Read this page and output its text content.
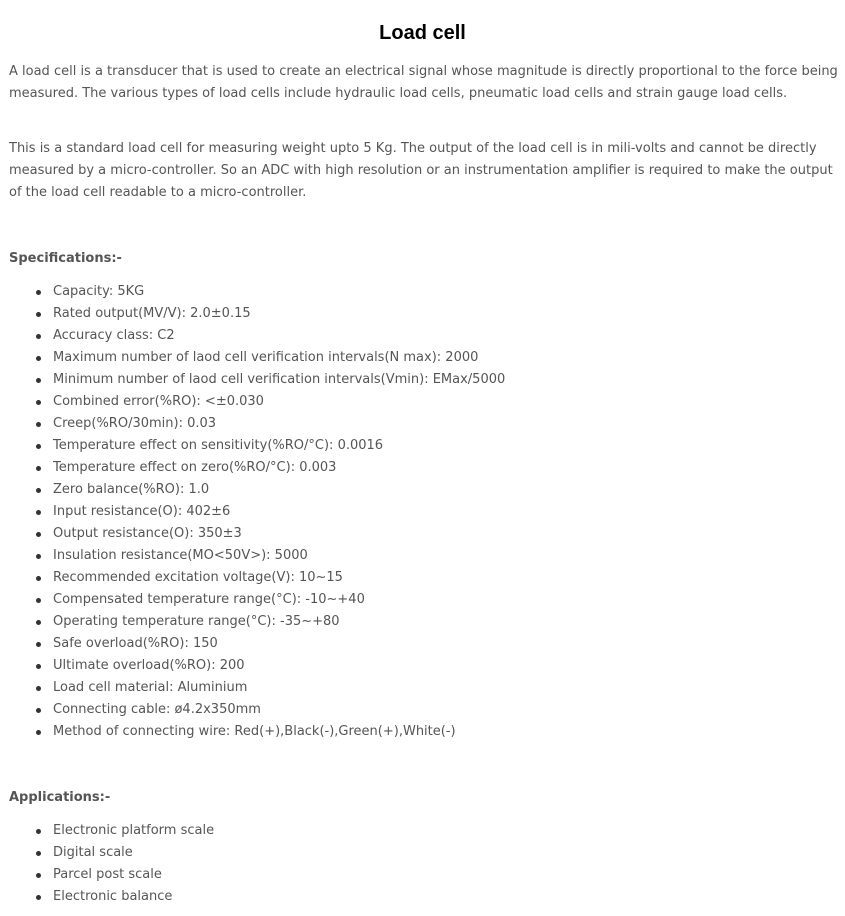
Load cell

A load cell is a transducer that is used to create an electrical signal whose magnitude is directly proportional to the force being measured. The various types of load cells include hydraulic load cells, pneumatic load cells and strain gauge load cells.

This is a standard load cell for measuring weight upto 5 Kg. The output of the load cell is in mili-volts and cannot be directly measured by a micro-controller. So an ADC with high resolution or an instrumentation amplifier is required to make the output of the load cell readable to a micro-controller.

Specifications:-
Capacity: 5KG
Rated output(MV/V): 2.0±0.15
Accuracy class: C2
Maximum number of laod cell verification intervals(N max): 2000
Minimum number of laod cell verification intervals(Vmin): EMax/5000
Combined error(%RO): <±0.030
Creep(%RO/30min): 0.03
Temperature effect on sensitivity(%RO/°C): 0.0016
Temperature effect on zero(%RO/°C): 0.003
Zero balance(%RO): 1.0
Input resistance(O): 402±6
Output resistance(O): 350±3
Insulation resistance(MO<50V>): 5000
Recommended excitation voltage(V): 10~15
Compensated temperature range(°C): -10~+40
Operating temperature range(°C): -35~+80
Safe overload(%RO): 150
Ultimate overload(%RO): 200
Load cell material: Aluminium
Connecting cable: ø4.2x350mm
Method of connecting wire: Red(+),Black(-),Green(+),White(-)
Applications:-
Electronic platform scale
Digital scale
Parcel post scale
Electronic balance
